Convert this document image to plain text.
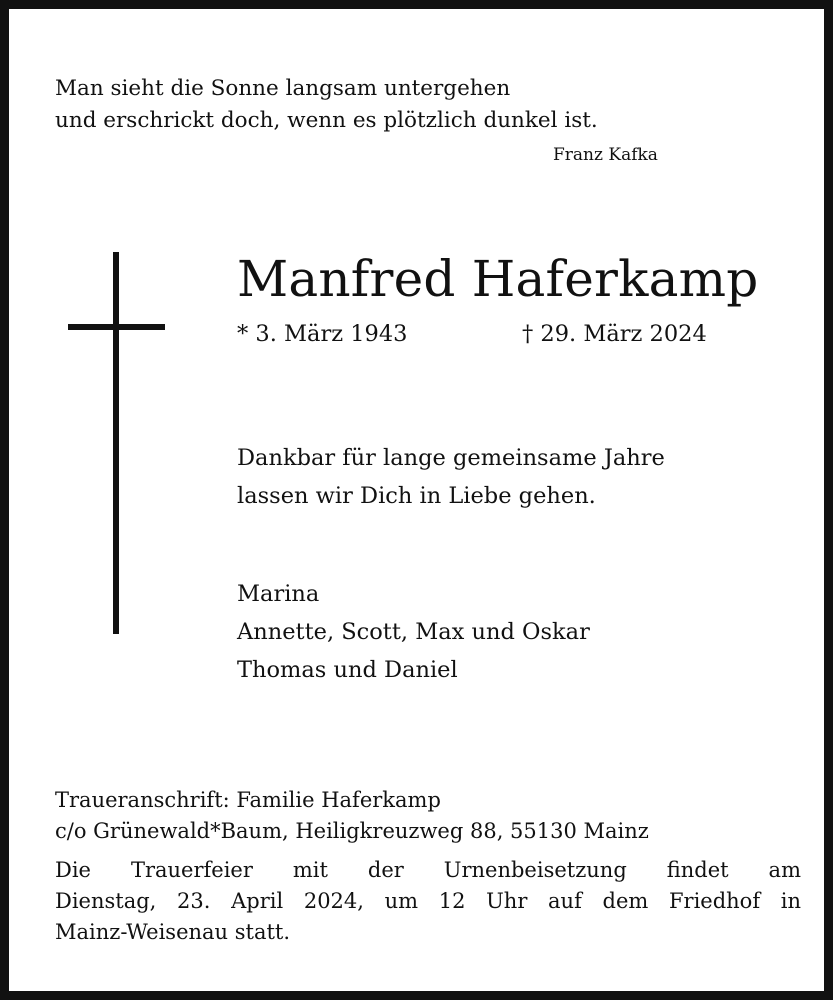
Man sieht die Sonne langsam untergehen
und erschrickt doch, wenn es plötzlich dunkel ist.
Franz Kafka
Manfred Haferkamp
* 3. März 1943	† 29. März 2024
Dankbar für lange gemeinsame Jahre
lassen wir Dich in Liebe gehen.
Marina
Annette, Scott, Max und Oskar
Thomas und Daniel
Traueranschrift: Familie Haferkamp
c/o Grünewald*Baum, Heiligkreuzweg 88, 55130 Mainz
Die Trauerfeier mit der Urnenbeisetzung findet am
Dienstag, 23. April 2024, um 12 Uhr auf dem Friedhof in
Mainz-Weisenau statt.
